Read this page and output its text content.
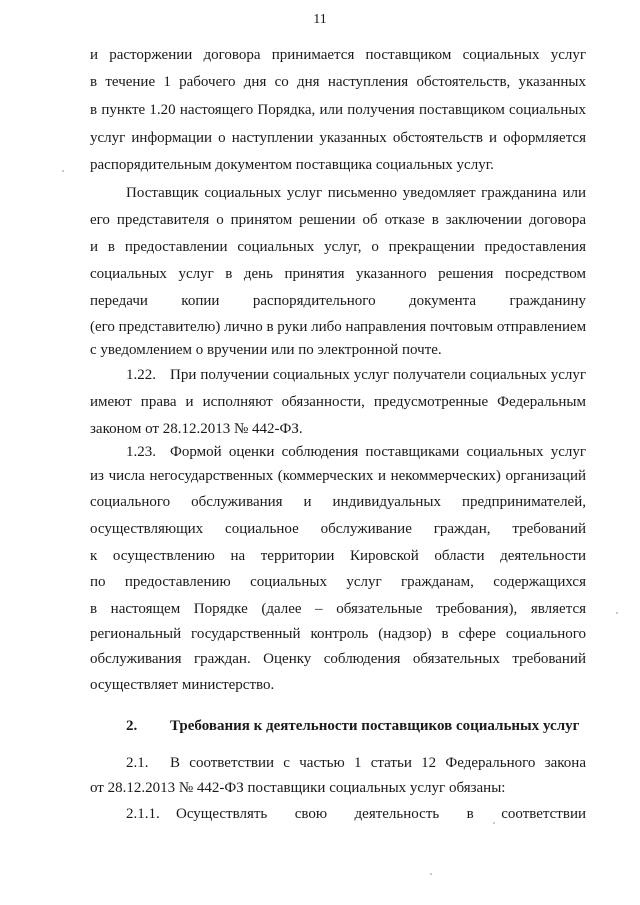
11
и расторжении договора принимается поставщиком социальных услуг
в течение 1 рабочего дня со дня наступления обстоятельств, указанных
в пункте 1.20 настоящего Порядка, или получения поставщиком социальных
услуг информации о наступлении указанных обстоятельств и оформляется
распорядительным документом поставщика социальных услуг.
Поставщик социальных услуг письменно уведомляет гражданина или
его представителя о принятом решении об отказе в заключении договора
и в предоставлении социальных услуг, о прекращении предоставления
социальных услуг в день принятия указанного решения посредством
передачи копии распорядительного документа гражданину
(его представителю) лично в руки либо направления почтовым отправлением
с уведомлением о вручении или по электронной почте.
1.22. При получении социальных услуг получатели социальных услуг
имеют права и исполняют обязанности, предусмотренные Федеральным
законом от 28.12.2013 № 442-ФЗ.
1.23. Формой оценки соблюдения поставщиками социальных услуг
из числа негосударственных (коммерческих и некоммерческих) организаций
социального обслуживания и индивидуальных предпринимателей,
осуществляющих социальное обслуживание граждан, требований
к осуществлению на территории Кировской области деятельности
по предоставлению социальных услуг гражданам, содержащихся
в настоящем Порядке (далее – обязательные требования), является
региональный государственный контроль (надзор) в сфере социального
обслуживания граждан. Оценку соблюдения обязательных требований
осуществляет министерство.
2. Требования к деятельности поставщиков социальных услуг
2.1. В соответствии с частью 1 статьи 12 Федерального закона
от 28.12.2013 № 442-ФЗ поставщики социальных услуг обязаны:
2.1.1. Осуществлять свою деятельность в соответствии
